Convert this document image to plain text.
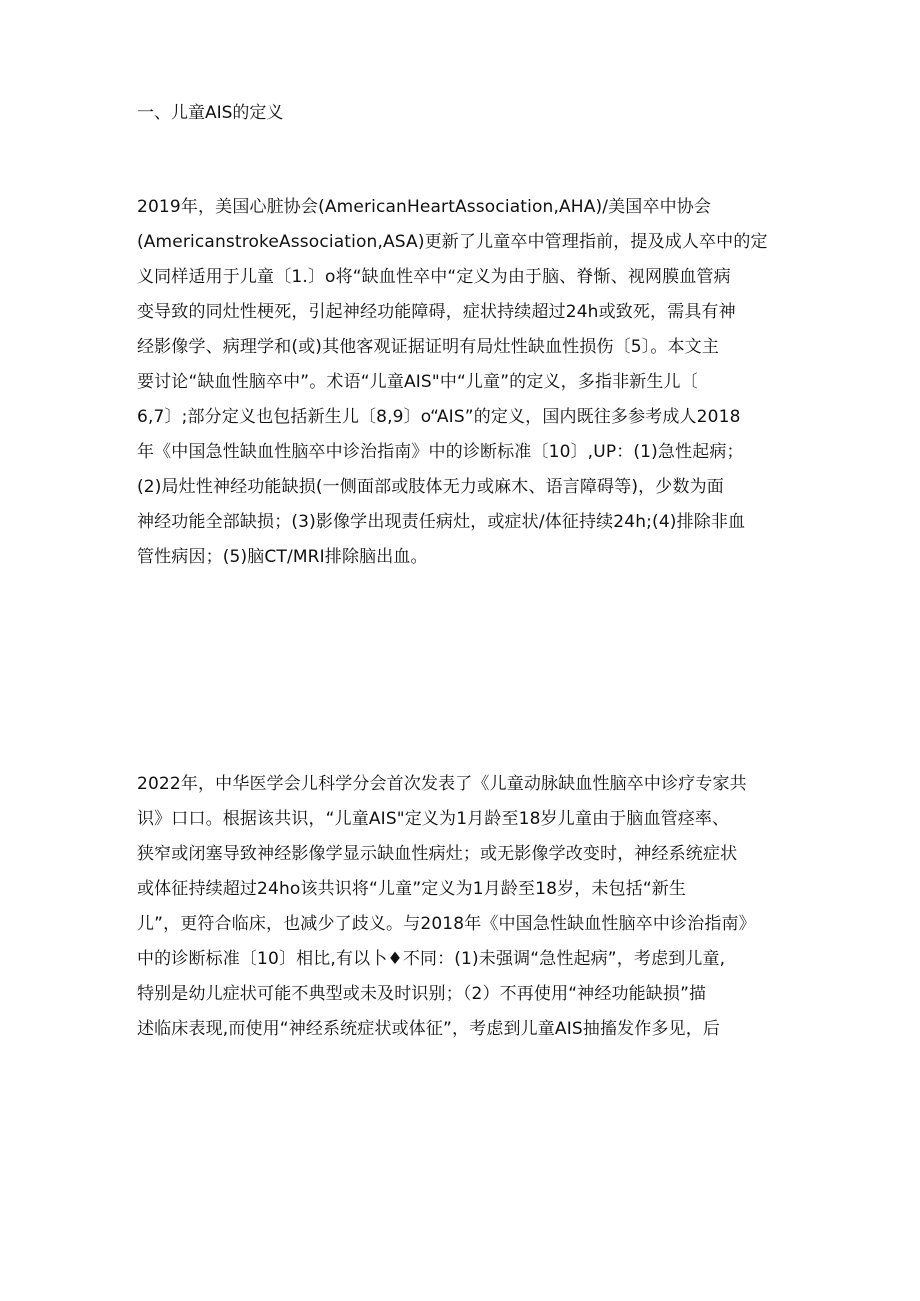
一、儿童AIS的定义
2019年，美国心脏协会(AmericanHeartAssociation,AHA)/美国卒中协会
(AmericanstrokeAssociation,ASA)更新了儿童卒中管理指前，提及成人卒中的定
义同样适用于儿童〔1.〕o将“缺血性卒中“定义为由于脑、脊惭、视网膜血管病
变导致的同灶性梗死，引起神经功能障碍，症状持续超过24h或致死，需具有神
经影像学、病理学和(或)其他客观证据证明有局灶性缺血性损伤〔5〕。本文主
要讨论“缺血性脑卒中”。术语“儿童AIS"中“儿童”的定义，多指非新生儿〔
6,7〕;部分定义也包括新生儿〔8,9〕o“AIS”的定义，国内既往多参考成人2018
年《中国急性缺血性脑卒中诊治指南》中的诊断标准〔10〕,UP：(1)急性起病；
(2)局灶性神经功能缺损(一侧面部或肢体无力或麻木、语言障碍等)，少数为面
神经功能全部缺损；(3)影像学出现责任病灶，或症状/体征持续24h;(4)排除非血
管性病因；(5)脑CT/MRI排除脑出血。
2022年，中华医学会儿科学分会首次发表了《儿童动脉缺血性脑卒中诊疗专家共
识》口口。根据该共识，“儿童AIS"定义为1月龄至18岁儿童由于脑血管痉率、
狭窄或闭塞导致神经影像学显示缺血性病灶；或无影像学改变时，神经系统症状
或体征持续超过24ho该共识将“儿童”定义为1月龄至18岁，未包括“新生
儿”，更符合临床，也减少了歧义。与2018年《中国急性缺血性脑卒中诊治指南》
中的诊断标准〔10〕相比,有以卜♦不同：(1)未强调“急性起病”，考虑到儿童,
特别是幼儿症状可能不典型或未及时识别；（2）不再使用“神经功能缺损”描
述临床表现,而使用“神经系统症状或体征”，考虑到儿童AIS抽搐发作多见，后
